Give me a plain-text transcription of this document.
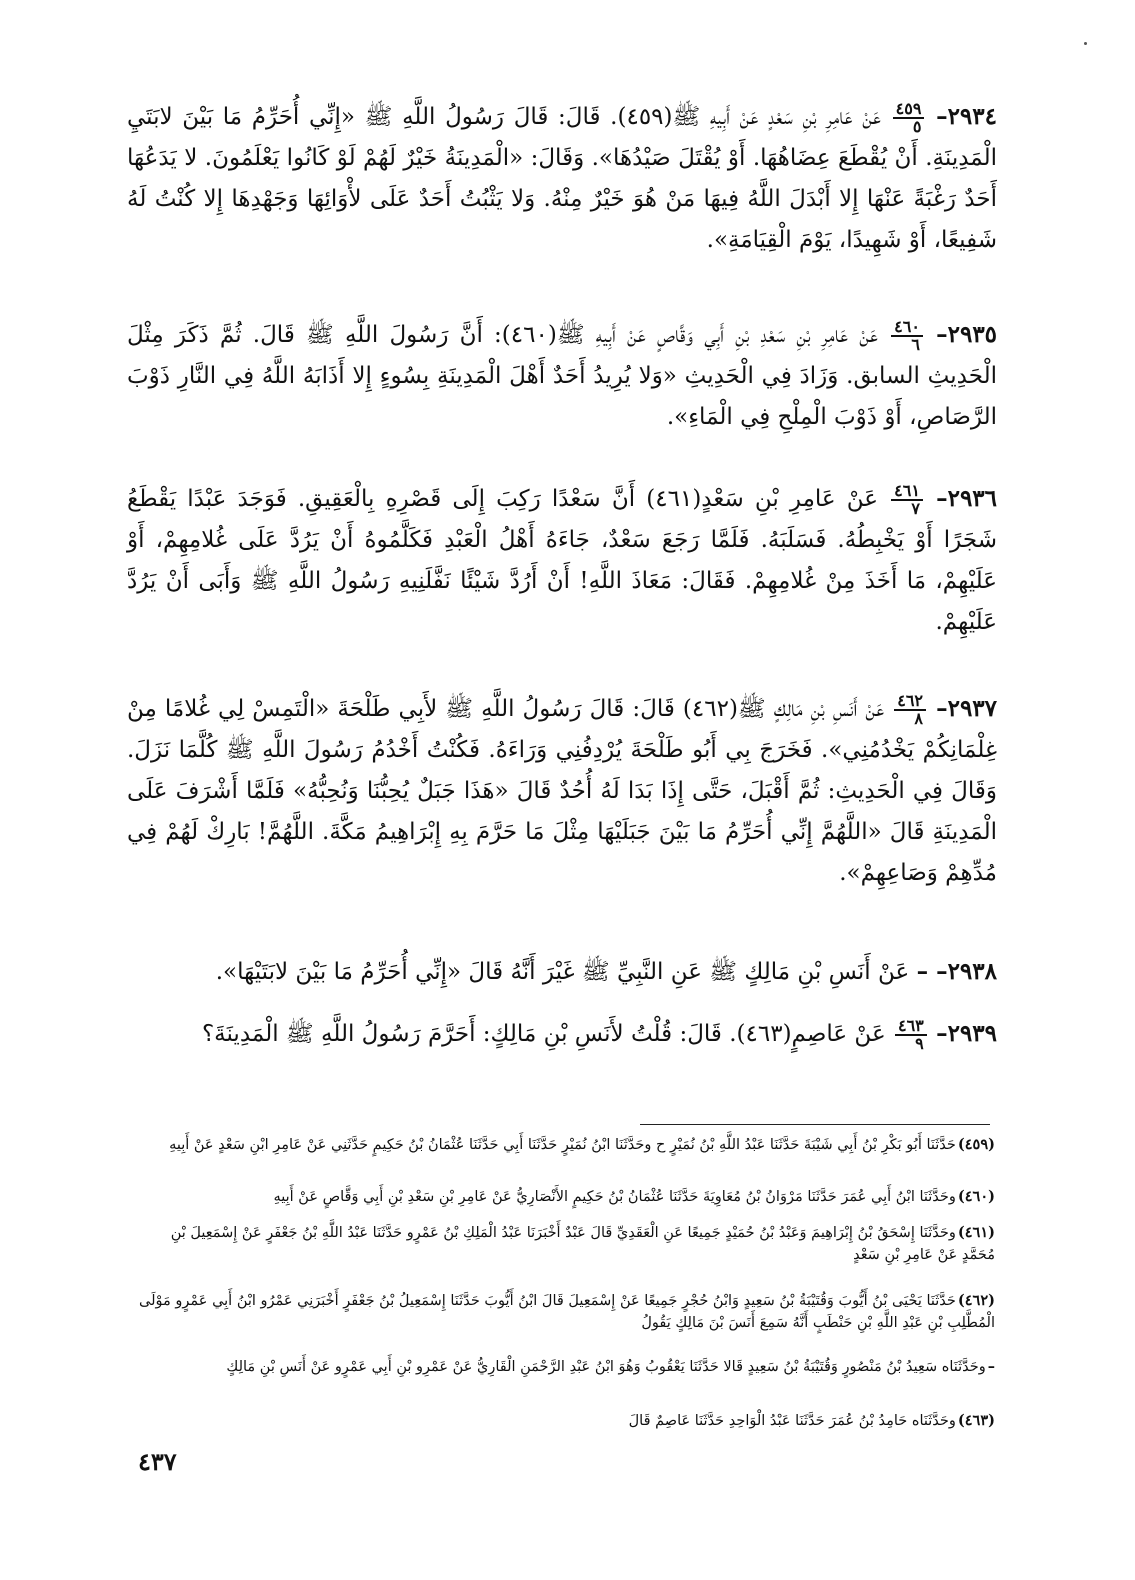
٢٩٣٤–
$\frac{٤٥٩}{٥}$
عَنْ عَامِرِ بْنِ سَعْدٍ عَنْ أَبِيهِ ﷺ(٤٥٩). قَالَ: قَالَ رَسُولُ اللَّهِ ﷺ «إِنِّي أُحَرِّمُ مَا بَيْنَ لابَتَيِ الْمَدِينَةِ. أَنْ يُقْطَعَ عِضَاهُهَا. أَوْ يُقْتَلَ صَيْدُهَا». وَقَالَ: «الْمَدِينَةُ خَيْرٌ لَهُمْ لَوْ كَانُوا يَعْلَمُونَ. لا يَدَعُهَا أَحَدٌ رَغْبَةً عَنْهَا إِلا أَبْدَلَ اللَّهُ فِيهَا مَنْ هُوَ خَيْرٌ مِنْهُ. وَلا يَثْبُتُ أَحَدٌ عَلَى لأْوَائِهَا وَجَهْدِهَا إِلا كُنْتُ لَهُ شَفِيعًا، أَوْ شَهِيدًا، يَوْمَ الْقِيَامَةِ».
٢٩٣٥–
$\frac{٤٦٠}{٦}$
عَنْ عَامِرِ بْنِ سَعْدِ بْنِ أَبِي وَقَّاصٍ عَنْ أَبِيهِ ﷺ(٤٦٠): أَنَّ رَسُولَ اللَّهِ ﷺ قَالَ. ثُمَّ ذَكَرَ مِثْلَ الْحَدِيثِ السابق. وَزَادَ فِي الْحَدِيثِ «وَلا يُرِيدُ أَحَدٌ أَهْلَ الْمَدِينَةِ بِسُوءٍ إِلا أَذَابَهُ اللَّهُ فِي النَّارِ ذَوْبَ الرَّصَاصِ، أَوْ ذَوْبَ الْمِلْحِ فِي الْمَاءِ».
٢٩٣٦–
$\frac{٤٦١}{٧}$
عَنْ عَامِرِ بْنِ سَعْدٍ(٤٦١) أَنَّ سَعْدًا رَكِبَ إِلَى قَصْرِهِ بِالْعَقِيقِ. فَوَجَدَ عَبْدًا يَقْطَعُ شَجَرًا أَوْ يَخْبِطُهُ. فَسَلَبَهُ. فَلَمَّا رَجَعَ سَعْدٌ، جَاءَهُ أَهْلُ الْعَبْدِ فَكَلَّمُوهُ أَنْ يَرُدَّ عَلَى غُلامِهِمْ، أَوْ عَلَيْهِمْ، مَا أَخَذَ مِنْ غُلامِهِمْ. فَقَالَ: مَعَاذَ اللَّهِ! أَنْ أَرُدَّ شَيْئًا نَفَّلَنِيهِ رَسُولُ اللَّهِ ﷺ وَأَبَى أَنْ يَرُدَّ عَلَيْهِمْ.
٢٩٣٧–
$\frac{٤٦٢}{٨}$
عَنْ أَنَسِ بْنِ مَالِكٍ ﷺ(٤٦٢) قَالَ: قَالَ رَسُولُ اللَّهِ ﷺ لأَبِي طَلْحَةَ «الْتَمِسْ لِي غُلامًا مِنْ غِلْمَانِكُمْ يَخْدُمُنِي». فَخَرَجَ بِي أَبُو طَلْحَةَ يُرْدِفُنِي وَرَاءَهُ. فَكُنْتُ أَخْدُمُ رَسُولَ اللَّهِ ﷺ كُلَّمَا نَزَلَ. وَقَالَ فِي الْحَدِيثِ: ثُمَّ أَقْبَلَ، حَتَّى إِذَا بَدَا لَهُ أُحُدٌ قَالَ «هَذَا جَبَلٌ يُحِبُّنَا وَنُحِبُّهُ» فَلَمَّا أَشْرَفَ عَلَى الْمَدِينَةِ قَالَ «اللَّهُمَّ إِنِّي أُحَرِّمُ مَا بَيْنَ جَبَلَيْهَا مِثْلَ مَا حَرَّمَ بِهِ إِبْرَاهِيمُ مَكَّةَ. اللَّهُمَّ! بَارِكْ لَهُمْ فِي مُدِّهِمْ وَصَاعِهِمْ».
٢٩٣٨– – عَنْ أَنَسِ بْنِ مَالِكٍ ﷺ عَنِ النَّبِيِّ ﷺ غَيْرَ أَنَّهُ قَالَ «إِنِّي أُحَرِّمُ مَا بَيْنَ لابَتَيْهَا».
٢٩٣٩–
$\frac{٤٦٣}{٩}$
عَنْ عَاصِمٍ(٤٦٣). قَالَ: قُلْتُ لأَنَسِ بْنِ مَالِكٍ: أَحَرَّمَ رَسُولُ اللَّهِ ﷺ الْمَدِينَةَ؟
(٤٥٩)حَدَّثَنَا أَبُو بَكْرِ بْنُ أَبِي شَيْبَةَ حَدَّثَنَا عَبْدُ اللَّهِ بْنُ نُمَيْرٍ ح وحَدَّثَنَا ابْنُ نُمَيْرٍ حَدَّثَنَا أَبِي حَدَّثَنَا عُثْمَانُ بْنُ حَكِيمٍ حَدَّثَنِي عَنْ عَامِرِ ابْنِ سَعْدٍ عَنْ أَبِيهِ
(٤٦٠)وحَدَّثَنَا ابْنُ أَبِي عُمَرَ حَدَّثَنَا مَرْوَانُ بْنُ مُعَاوِيَةَ حَدَّثَنَا عُثْمَانُ بْنُ حَكِيمٍ الأَنْصَارِيُّ عَنْ عَامِرِ بْنِ سَعْدِ بْنِ أَبِي وَقَّاصٍ عَنْ أَبِيهِ
(٤٦١)وحَدَّثَنَا إِسْحَقُ بْنُ إِبْرَاهِيمَ وَعَبْدُ بْنُ حُمَيْدٍ جَمِيعًا عَنِ الْعَقَدِيِّ قَالَ عَبْدٌ أَخْبَرَنَا عَبْدُ الْمَلِكِ بْنُ عَمْرٍو حَدَّثَنَا عَبْدُ اللَّهِ بْنُ جَعْفَرٍ عَنْ إِسْمَعِيلَ بْنِ مُحَمَّدٍ عَنْ عَامِرِ بْنِ سَعْدٍ
(٤٦٢)حَدَّثَنَا يَحْيَى بْنُ أَيُّوبَ وَقُتَيْبَةُ بْنُ سَعِيدٍ وَابْنُ حُجْرٍ جَمِيعًا عَنْ إِسْمَعِيلَ قَالَ ابْنُ أَيُّوبَ حَدَّثَنَا إِسْمَعِيلُ بْنُ جَعْفَرٍ أَخْبَرَنِي عَمْرُو ابْنُ أَبِي عَمْرٍو مَوْلَى الْمُطَّلِبِ بْنِ عَبْدِ اللَّهِ بْنِ حَنْطَبٍ أَنَّهُ سَمِعَ أَنَسَ بْنَ مَالِكٍ يَقُولُ
–وحَدَّثَنَاه سَعِيدُ بْنُ مَنْصُورٍ وَقُتَيْبَةُ بْنُ سَعِيدٍ قَالا حَدَّثَنَا يَعْقُوبُ وَهُوَ ابْنُ عَبْدِ الرَّحْمَنِ الْقَارِيُّ عَنْ عَمْرِو بْنِ أَبِي عَمْرٍو عَنْ أَنَسِ بْنِ مَالِكٍ
(٤٦٣)وحَدَّثَنَاه حَامِدُ بْنُ عُمَرَ حَدَّثَنَا عَبْدُ الْوَاحِدِ حَدَّثَنَا عَاصِمٌ قَالَ
٤٣٧
